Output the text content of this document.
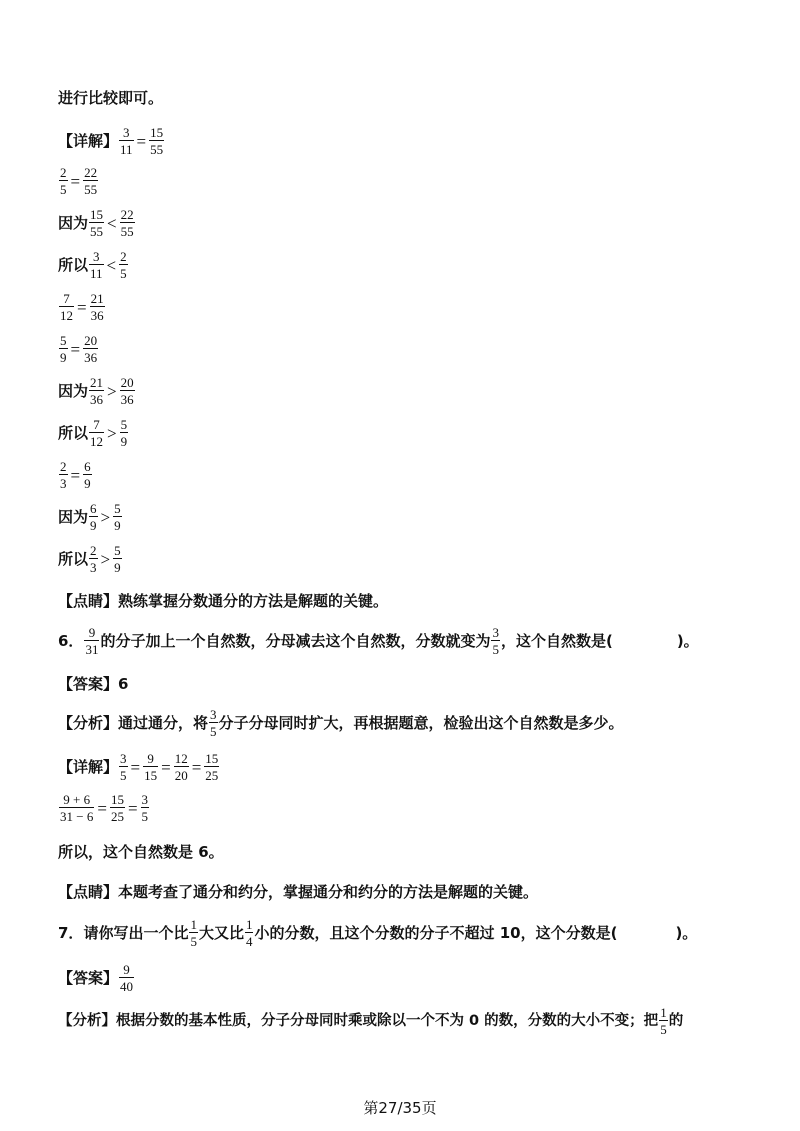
进行比较即可。
【详解】 $\frac{3}{11} = \frac{15}{55}$
$\frac{2}{5} = \frac{22}{55}$
因为 $\frac{15}{55} < \frac{22}{55}$
所以 $\frac{3}{11} < \frac{2}{5}$
$\frac{7}{12} = \frac{21}{36}$
$\frac{5}{9} = \frac{20}{36}$
因为 $\frac{21}{36} > \frac{20}{36}$
所以 $\frac{7}{12} > \frac{5}{9}$
$\frac{2}{3} = \frac{6}{9}$
因为 $\frac{6}{9} > \frac{5}{9}$
所以 $\frac{2}{3} > \frac{5}{9}$
【点睛】 熟练掌握分数通分的方法是解题的关键。
6． $\frac{9}{31}$ 的分子加上一个自然数，分母减去这个自然数，分数就变为 $\frac{3}{5}$ ，这个自然数是(	)。
【答案】 6
【分析】 通过通分，将 $\frac{3}{5}$ 分子分母同时扩大，再根据题意，检验出这个自然数是多少。
【详解】 $\frac{3}{5} = \frac{9}{15} = \frac{12}{20} = \frac{15}{25}$
$\frac{9 + 6}{31 - 6} = \frac{15}{25} = \frac{3}{5}$
所以，这个自然数是 6。
【点睛】 本题考查了通分和约分，掌握通分和约分的方法是解题的关键。
7． 请你写出一个比 $\frac{1}{5}$ 大又比 $\frac{1}{4}$ 小的分数，且这个分数的分子不超过 10，这个分数是(	)。
【答案】 $\frac{9}{40}$
【分析】 根据分数的基本性质，分子分母同时乘或除以一个不为 0 的数，分数的大小不变；把 $\frac{1}{5}$ 的
第27/35页
